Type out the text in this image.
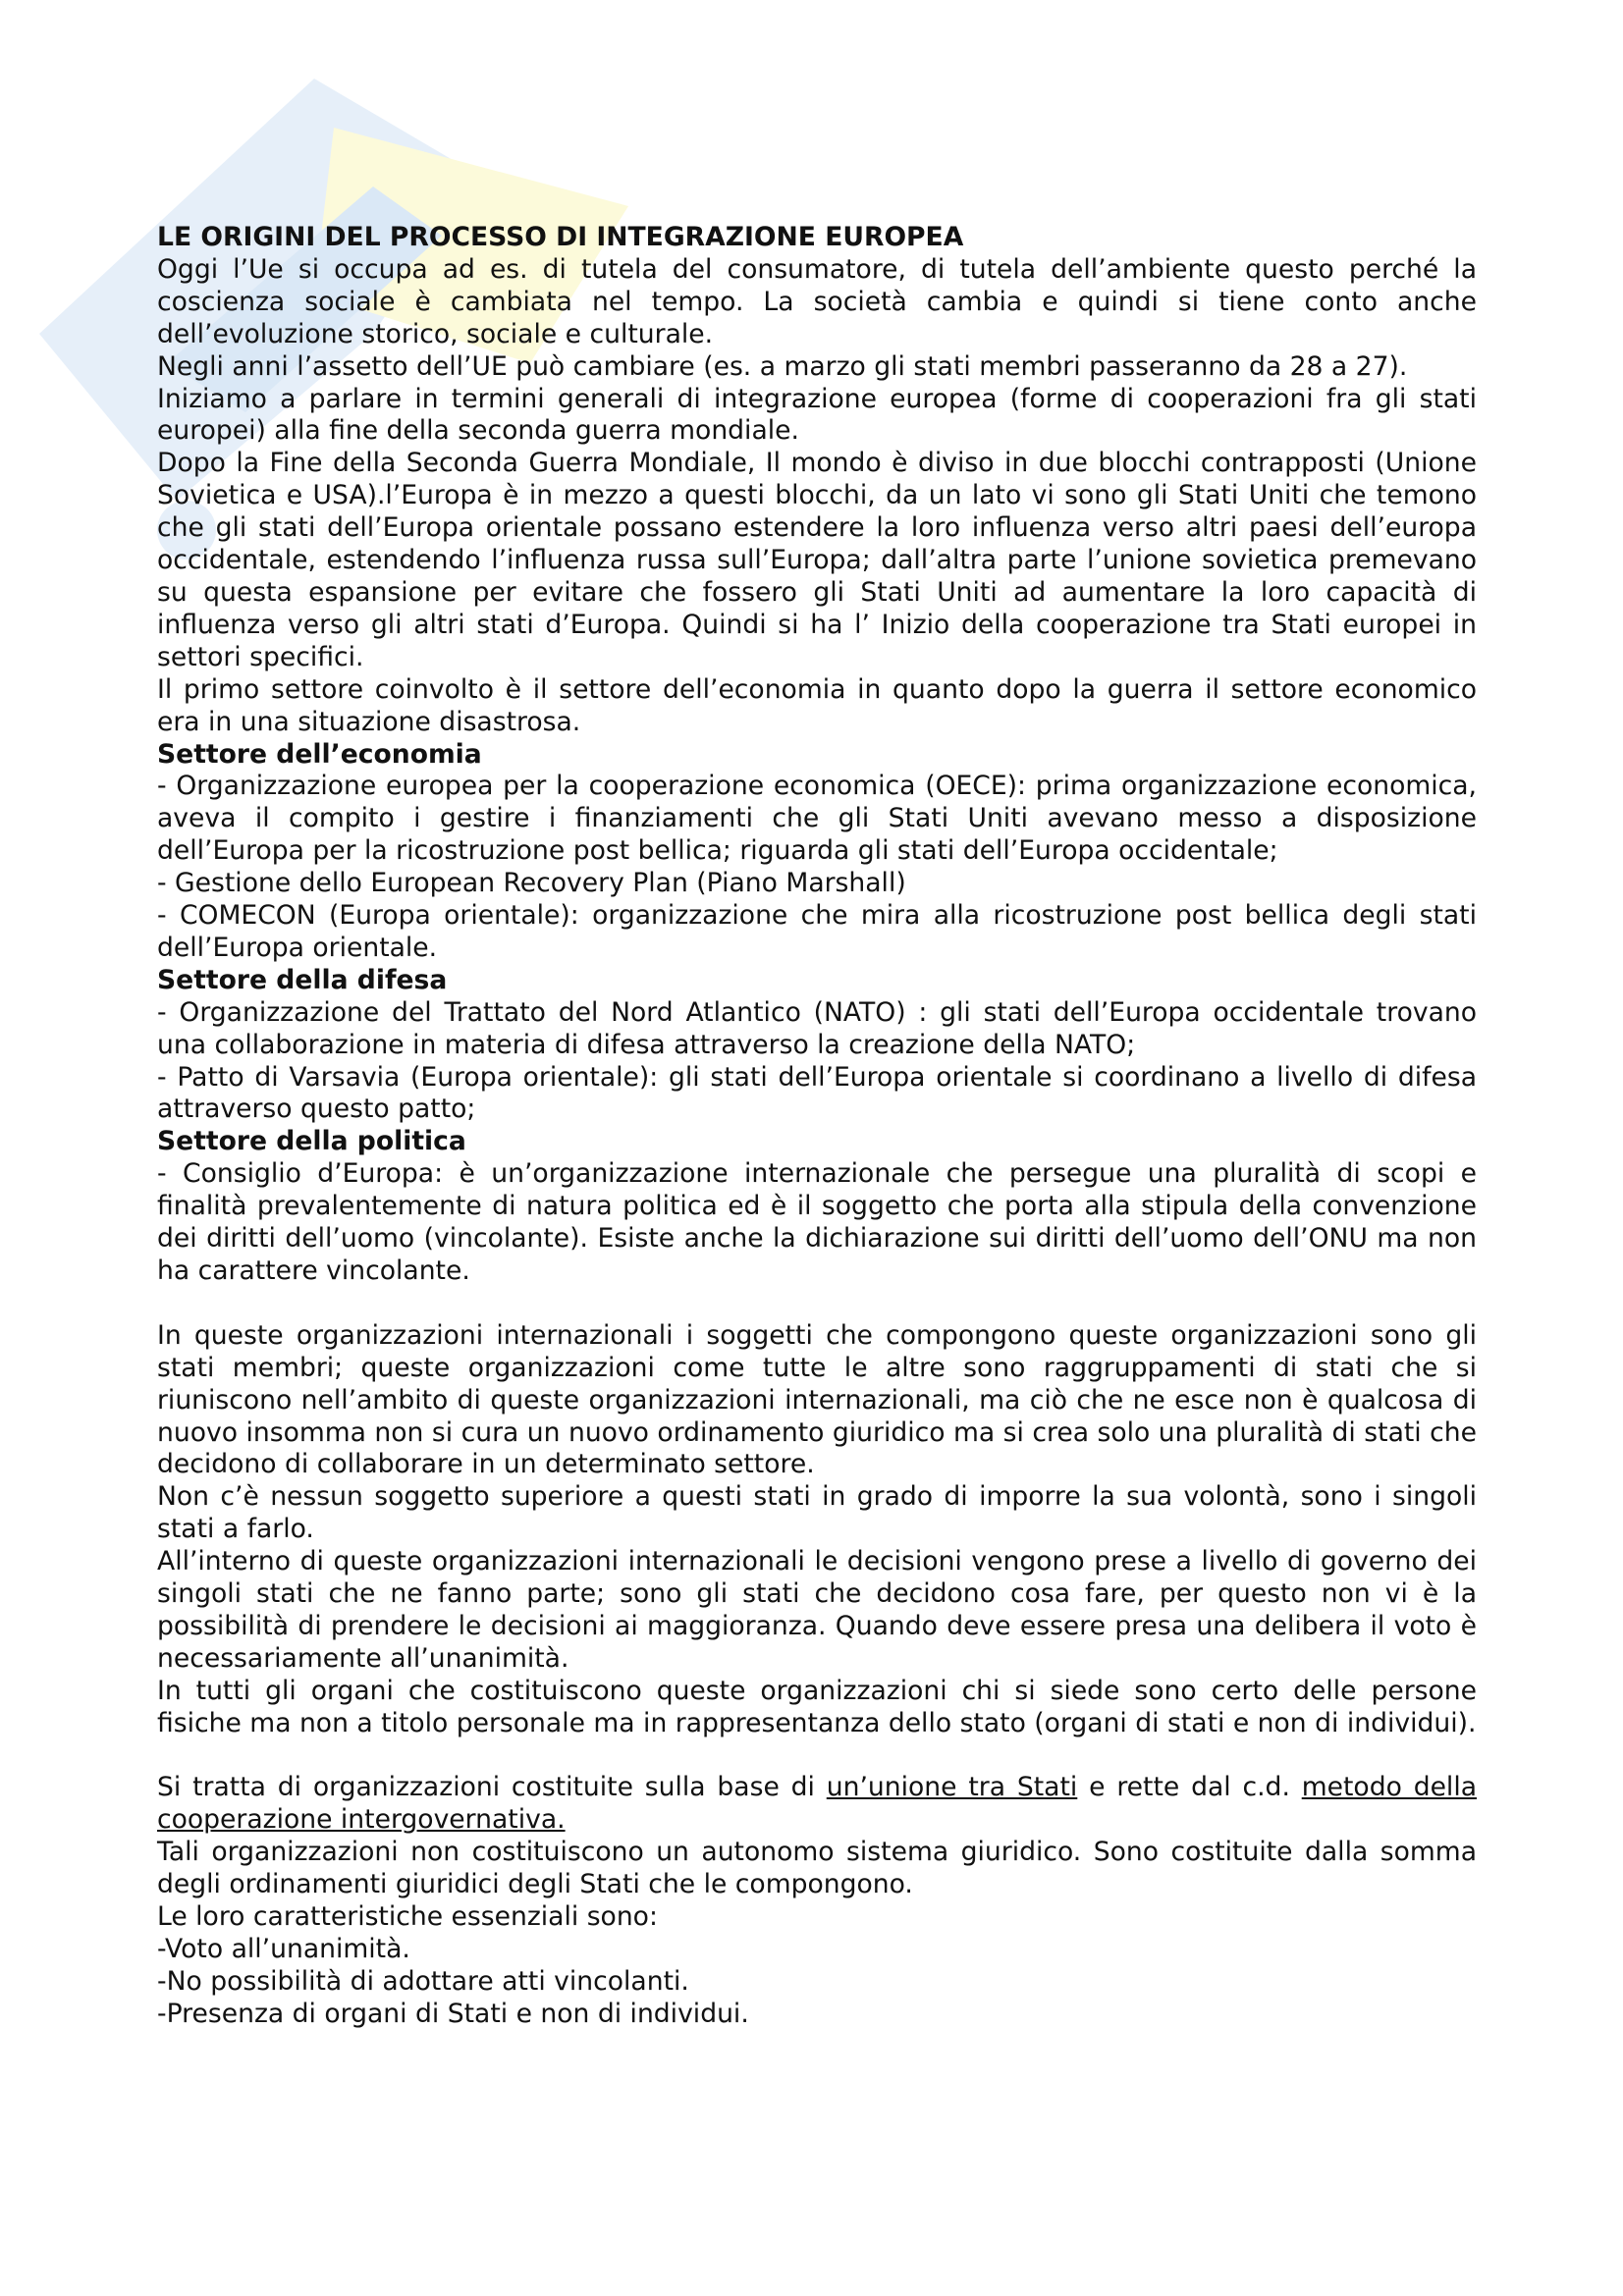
LE ORIGINI DEL PROCESSO DI INTEGRAZIONE EUROPEA

Oggi l’Ue si occupa ad es. di tutela del consumatore, di tutela dell’ambiente questo perché la coscienza sociale è cambiata nel tempo. La società cambia e quindi si tiene conto anche dell’evoluzione storico, sociale e culturale.

Negli anni l’assetto dell’UE può cambiare (es. a marzo gli stati membri passeranno da 28 a 27).

Iniziamo a parlare in termini generali di integrazione europea (forme di cooperazioni fra gli stati europei) alla fine della seconda guerra mondiale.

Dopo la Fine della Seconda Guerra Mondiale, Il mondo è diviso in due blocchi contrapposti (Unione Sovietica e USA).l’Europa è in mezzo a questi blocchi, da un lato vi sono gli Stati Uniti che temono che gli stati dell’Europa orientale possano estendere la loro influenza verso altri paesi dell’europa occidentale, estendendo l’influenza russa sull’Europa; dall’altra parte l’unione sovietica premevano su questa espansione per evitare che fossero gli Stati Uniti ad aumentare la loro capacità di influenza verso gli altri stati d’Europa. Quindi si ha l’ Inizio della cooperazione tra Stati europei in settori specifici.

Il primo settore coinvolto è il settore dell’economia in quanto dopo la guerra il settore economico era in una situazione disastrosa.

Settore dell’economia

- Organizzazione europea per la cooperazione economica (OECE): prima organizzazione economica, aveva il compito i gestire i finanziamenti che gli Stati Uniti avevano messo a disposizione dell’Europa per la ricostruzione post bellica; riguarda gli stati dell’Europa occidentale;

- Gestione dello European Recovery Plan (Piano Marshall)

- COMECON (Europa orientale): organizzazione che mira alla ricostruzione post bellica degli stati dell’Europa orientale.

Settore della difesa

- Organizzazione del Trattato del Nord Atlantico (NATO) : gli stati dell’Europa occidentale trovano una collaborazione in materia di difesa attraverso la creazione della NATO;

- Patto di Varsavia (Europa orientale): gli stati dell’Europa orientale si coordinano a livello di difesa attraverso questo patto;

Settore della politica

- Consiglio d’Europa: è un’organizzazione internazionale che persegue una pluralità di scopi e finalità prevalentemente di natura politica ed è il soggetto che porta alla stipula della convenzione dei diritti dell’uomo (vincolante). Esiste anche la dichiarazione sui diritti dell’uomo dell’ONU ma non ha carattere vincolante.

In queste organizzazioni internazionali i soggetti che compongono queste organizzazioni sono gli stati membri; queste organizzazioni come tutte le altre sono raggruppamenti di stati che si riuniscono nell’ambito di queste organizzazioni internazionali, ma ciò che ne esce non è qualcosa di nuovo insomma non si cura un nuovo ordinamento giuridico ma si crea solo una pluralità di stati che decidono di collaborare in un determinato settore.

Non c’è nessun soggetto superiore a questi stati in grado di imporre la sua volontà, sono i singoli stati a farlo.

All’interno di queste organizzazioni internazionali le decisioni vengono prese a livello di governo dei singoli stati che ne fanno parte; sono gli stati che decidono cosa fare, per questo non vi è la possibilità di prendere le decisioni ai maggioranza. Quando deve essere presa una delibera il voto è necessariamente all’unanimità.

In tutti gli organi che costituiscono queste organizzazioni chi si siede sono certo delle persone fisiche ma non a titolo personale ma in rappresentanza dello stato (organi di stati e non di individui).

Si tratta di organizzazioni costituite sulla base di un’unione tra Stati e rette dal c.d. metodo della cooperazione intergovernativa.

Tali organizzazioni non costituiscono un autonomo sistema giuridico. Sono costituite dalla somma degli ordinamenti giuridici degli Stati che le compongono.

Le loro caratteristiche essenziali sono:

-Voto all’unanimità.

-No possibilità di adottare atti vincolanti.

-Presenza di organi di Stati e non di individui.
